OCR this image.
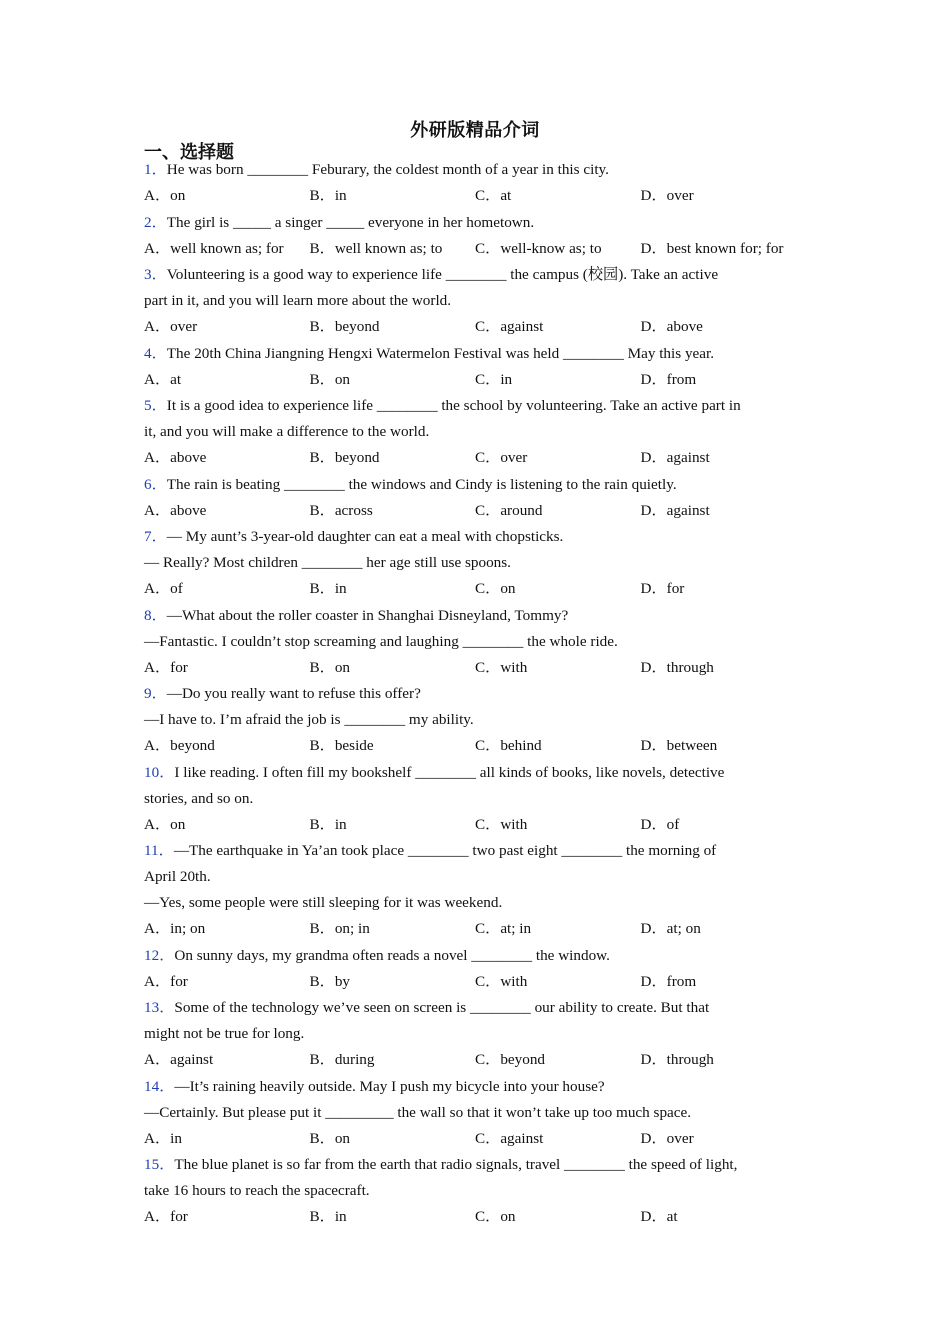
外研版精品介词
一、选择题
1．He was born ________ Feburary, the coldest month of a year in this city.
A．on	B．in	C．at	D．over
2．The girl is _____ a singer _____ everyone in her hometown.
A．well known as; for	B．well known as; to	C．well-know as; to	D．best known for; for
3．Volunteering is a good way to experience life ________ the campus (校园). Take an active
part in it, and you will learn more about the world.
A．over	B．beyond	C．against	D．above
4．The 20th China Jiangning Hengxi Watermelon Festival was held ________ May this year.
A．at	B．on	C．in	D．from
5．It is a good idea to experience life ________ the school by volunteering. Take an active part in
it, and you will make a difference to the world.
A．above	B．beyond	C．over	D．against
6．The rain is beating ________ the windows and Cindy is listening to the rain quietly.
A．above	B．across	C．around	D．against
7．— My aunt’s 3-year-old daughter can eat a meal with chopsticks.
— Really? Most children ________ her age still use spoons.
A．of	B．in	C．on	D．for
8．—What about the roller coaster in Shanghai Disneyland, Tommy?
—Fantastic. I couldn’t stop screaming and laughing ________ the whole ride.
A．for	B．on	C．with	D．through
9．—Do you really want to refuse this offer?
—I have to. I’m afraid the job is ________ my ability.
A．beyond	B．beside	C．behind	D．between
10．I like reading. I often fill my bookshelf ________ all kinds of books, like novels, detective
stories, and so on.
A．on	B．in	C．with	D．of
11．—The earthquake in Ya’an took place ________ two past eight ________ the morning of
April 20th.
—Yes, some people were still sleeping for it was weekend.
A．in; on	B．on; in	C．at; in	D．at; on
12．On sunny days, my grandma often reads a novel ________ the window.
A．for	B．by	C．with	D．from
13．Some of the technology we’ve seen on screen is ________ our ability to create. But that
might not be true for long.
A．against	B．during	C．beyond	D．through
14．—It’s raining heavily outside. May I push my bicycle into your house?
—Certainly. But please put it _________ the wall so that it won’t take up too much space.
A．in	B．on	C．against	D．over
15．The blue planet is so far from the earth that radio signals, travel ________ the speed of light,
take 16 hours to reach the spacecraft.
A．for	B．in	C．on	D．at
